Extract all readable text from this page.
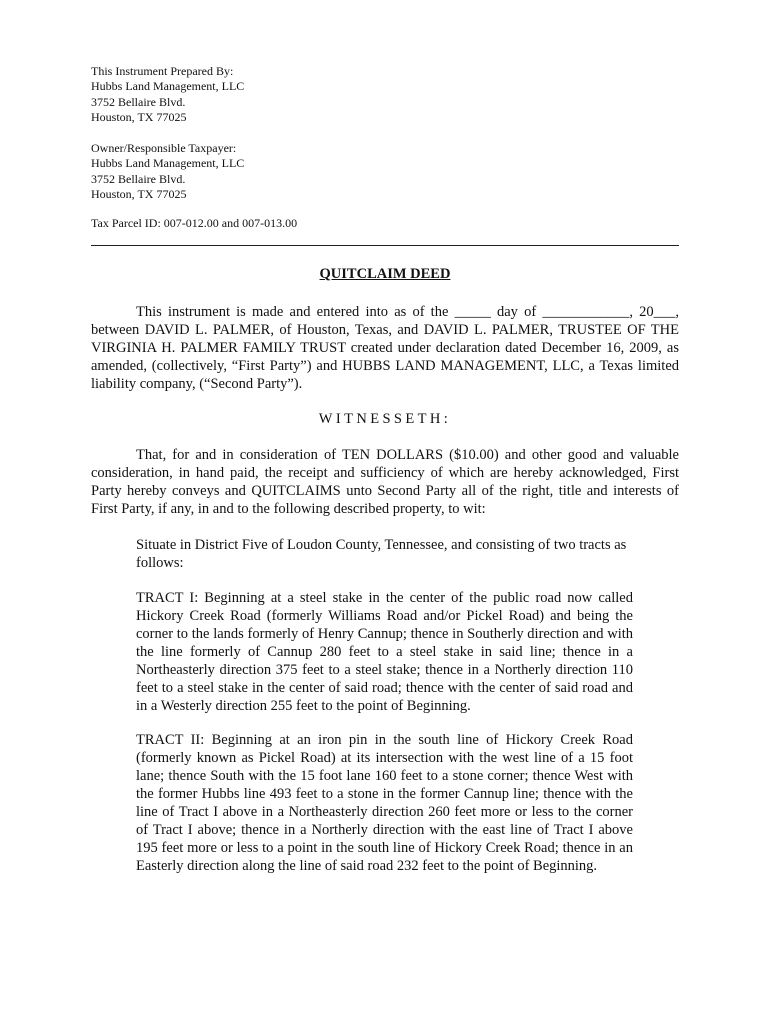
This Instrument Prepared By:
Hubbs Land Management, LLC
3752 Bellaire Blvd.
Houston, TX 77025
Owner/Responsible Taxpayer:
Hubbs Land Management, LLC
3752 Bellaire Blvd.
Houston, TX 77025
Tax Parcel ID: 007-012.00 and 007-013.00
QUITCLAIM DEED
This instrument is made and entered into as of the _____ day of ____________, 20___, between DAVID L. PALMER, of Houston, Texas, and DAVID L. PALMER, TRUSTEE OF THE VIRGINIA H. PALMER FAMILY TRUST created under declaration dated December 16, 2009, as amended, (collectively, “First Party”) and HUBBS LAND MANAGEMENT, LLC, a Texas limited liability company, (“Second Party”).
WITNESSETH:
That, for and in consideration of TEN DOLLARS ($10.00) and other good and valuable consideration, in hand paid, the receipt and sufficiency of which are hereby acknowledged, First Party hereby conveys and QUITCLAIMS unto Second Party all of the right, title and interests of First Party, if any, in and to the following described property, to wit:
Situate in District Five of Loudon County, Tennessee, and consisting of two tracts as follows:
TRACT I: Beginning at a steel stake in the center of the public road now called Hickory Creek Road (formerly Williams Road and/or Pickel Road) and being the corner to the lands formerly of Henry Cannup; thence in Southerly direction and with the line formerly of Cannup 280 feet to a steel stake in said line; thence in a Northeasterly direction 375 feet to a steel stake; thence in a Northerly direction 110 feet to a steel stake in the center of said road; thence with the center of said road and in a Westerly direction 255 feet to the point of Beginning.
TRACT II: Beginning at an iron pin in the south line of Hickory Creek Road (formerly known as Pickel Road) at its intersection with the west line of a 15 foot lane; thence South with the 15 foot lane 160 feet to a stone corner; thence West with the former Hubbs line 493 feet to a stone in the former Cannup line; thence with the line of Tract I above in a Northeasterly direction 260 feet more or less to the corner of Tract I above; thence in a Northerly direction with the east line of Tract I above 195 feet more or less to a point in the south line of Hickory Creek Road; thence in an Easterly direction along the line of said road 232 feet to the point of Beginning.
